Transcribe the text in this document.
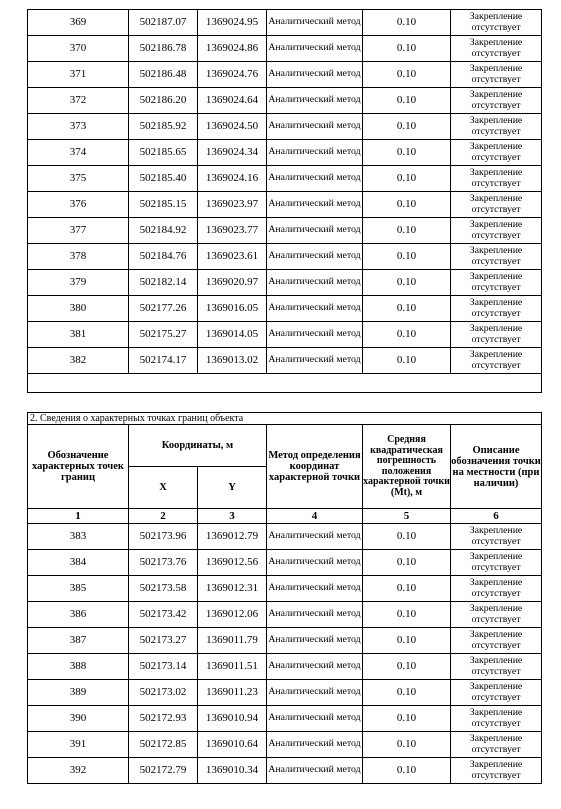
369	502187.07	1369024.95	Аналитический метод	0.10	Закрепление отсутствует
370	502186.78	1369024.86	Аналитический метод	0.10	Закрепление отсутствует
371	502186.48	1369024.76	Аналитический метод	0.10	Закрепление отсутствует
372	502186.20	1369024.64	Аналитический метод	0.10	Закрепление отсутствует
373	502185.92	1369024.50	Аналитический метод	0.10	Закрепление отсутствует
374	502185.65	1369024.34	Аналитический метод	0.10	Закрепление отсутствует
375	502185.40	1369024.16	Аналитический метод	0.10	Закрепление отсутствует
376	502185.15	1369023.97	Аналитический метод	0.10	Закрепление отсутствует
377	502184.92	1369023.77	Аналитический метод	0.10	Закрепление отсутствует
378	502184.76	1369023.61	Аналитический метод	0.10	Закрепление отсутствует
379	502182.14	1369020.97	Аналитический метод	0.10	Закрепление отсутствует
380	502177.26	1369016.05	Аналитический метод	0.10	Закрепление отсутствует
381	502175.27	1369014.05	Аналитический метод	0.10	Закрепление отсутствует
382	502174.17	1369013.02	Аналитический метод	0.10	Закрепление отсутствует

2. Сведения о характерных точках границ объекта					
Обозначение характерных точек границ	Координаты, м		Метод определения координат характерной точки	Средняя квадратическая погрешность положения характерной точки (Mt), м	Описание обозначения точки на местности (при наличии)
	X	Y			
1	2	3	4	5	6
383	502173.96	1369012.79	Аналитический метод	0.10	Закрепление отсутствует
384	502173.76	1369012.56	Аналитический метод	0.10	Закрепление отсутствует
385	502173.58	1369012.31	Аналитический метод	0.10	Закрепление отсутствует
386	502173.42	1369012.06	Аналитический метод	0.10	Закрепление отсутствует
387	502173.27	1369011.79	Аналитический метод	0.10	Закрепление отсутствует
388	502173.14	1369011.51	Аналитический метод	0.10	Закрепление отсутствует
389	502173.02	1369011.23	Аналитический метод	0.10	Закрепление отсутствует
390	502172.93	1369010.94	Аналитический метод	0.10	Закрепление отсутствует
391	502172.85	1369010.64	Аналитический метод	0.10	Закрепление отсутствует
392	502172.79	1369010.34	Аналитический метод	0.10	Закрепление отсутствует
